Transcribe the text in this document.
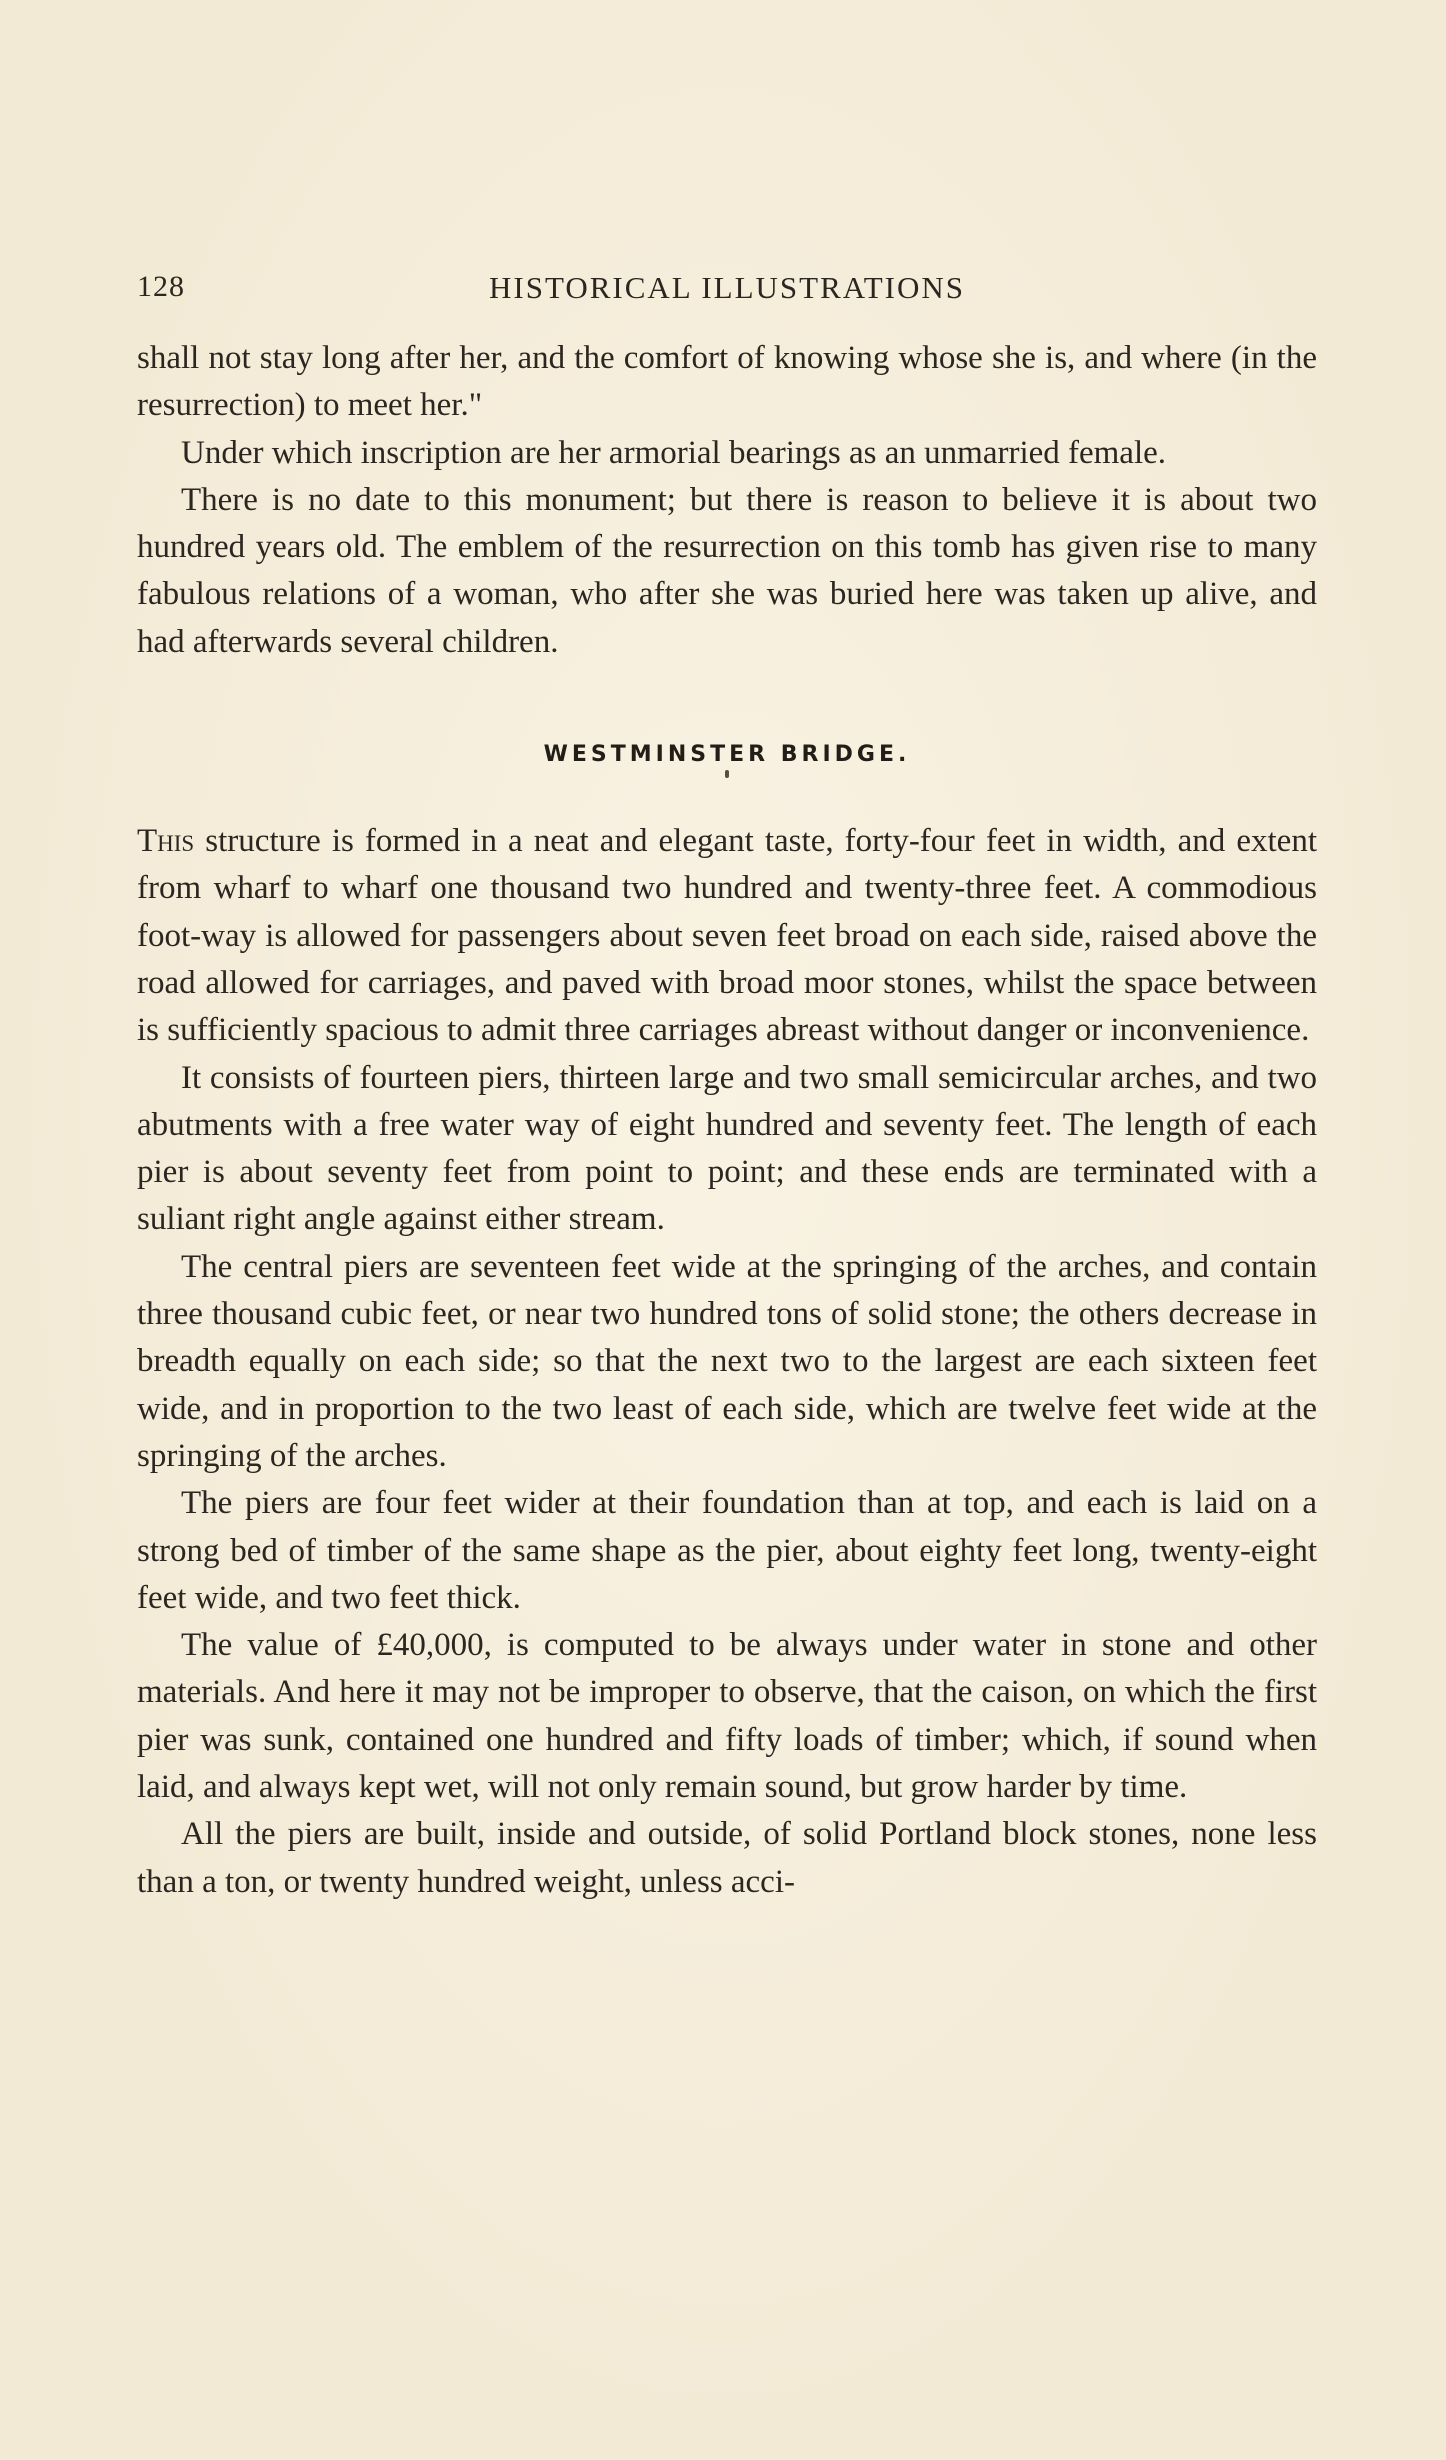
128	HISTORICAL ILLUSTRATIONS

shall not stay long after her, and the comfort of knowing whose she is, and where (in the resurrection) to meet her."

Under which inscription are her armorial bearings as an unmarried female.

There is no date to this monument; but there is reason to believe it is about two hundred years old. The emblem of the resurrection on this tomb has given rise to many fabulous relations of a woman, who after she was buried here was taken up alive, and had afterwards several children.

WESTMINSTER BRIDGE.

This structure is formed in a neat and elegant taste, forty-four feet in width, and extent from wharf to wharf one thousand two hundred and twenty-three feet. A commodious foot-way is allowed for passengers about seven feet broad on each side, raised above the road allowed for carriages, and paved with broad moor stones, whilst the space between is sufficiently spacious to admit three carriages abreast without danger or inconvenience.

It consists of fourteen piers, thirteen large and two small semicircular arches, and two abutments with a free water way of eight hundred and seventy feet. The length of each pier is about seventy feet from point to point; and these ends are terminated with a suliant right angle against either stream.

The central piers are seventeen feet wide at the springing of the arches, and contain three thousand cubic feet, or near two hundred tons of solid stone; the others decrease in breadth equally on each side; so that the next two to the largest are each sixteen feet wide, and in proportion to the two least of each side, which are twelve feet wide at the springing of the arches.

The piers are four feet wider at their foundation than at top, and each is laid on a strong bed of timber of the same shape as the pier, about eighty feet long, twenty-eight feet wide, and two feet thick.

The value of £40,000, is computed to be always under water in stone and other materials. And here it may not be improper to observe, that the caison, on which the first pier was sunk, contained one hundred and fifty loads of timber; which, if sound when laid, and always kept wet, will not only remain sound, but grow harder by time.

All the piers are built, inside and outside, of solid Portland block stones, none less than a ton, or twenty hundred weight, unless acci-
